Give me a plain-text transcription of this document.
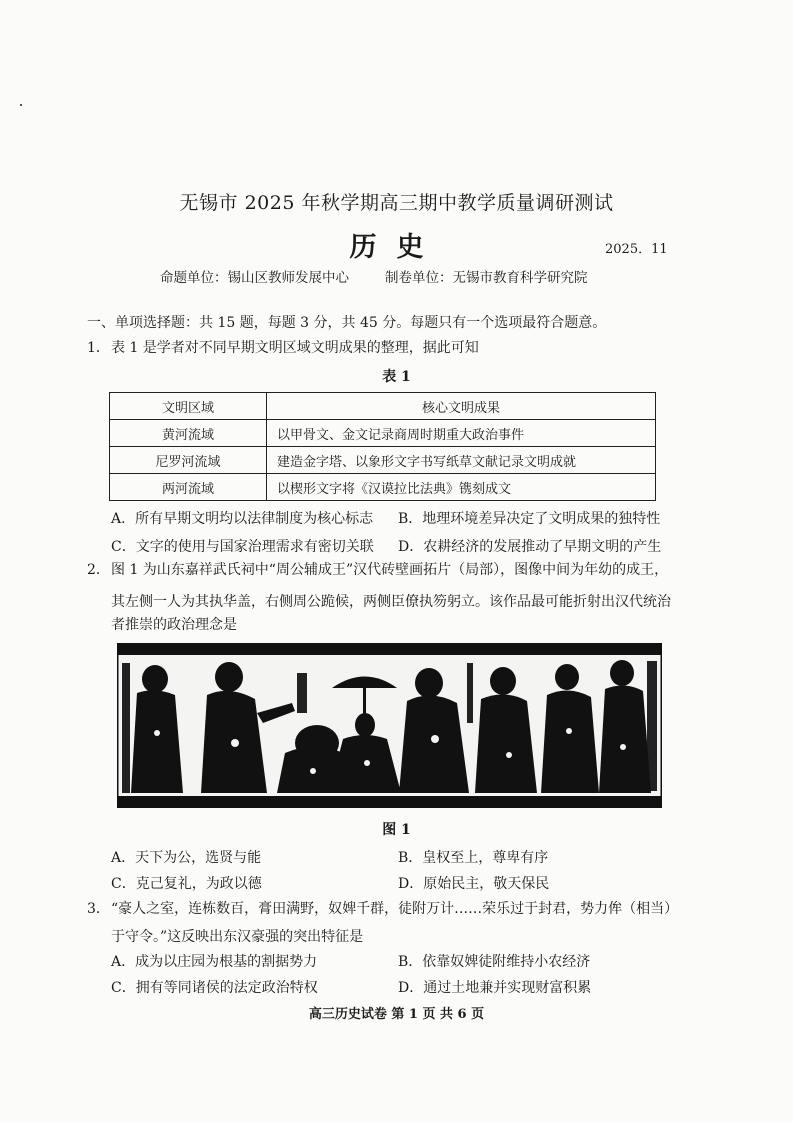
无锡市 2025 年秋学期高三期中教学质量调研测试
历史	2025．11
命题单位：锡山区教师发展中心	制卷单位：无锡市教育科学研究院
一、单项选择题：共 15 题，每题 3 分，共 45 分。每题只有一个选项最符合题意。
1．表 1 是学者对不同早期文明区域文明成果的整理，据此可知
表 1
文明区域	核心文明成果
黄河流域	以甲骨文、金文记录商周时期重大政治事件
尼罗河流域	建造金字塔、以象形文字书写纸草文献记录文明成就
两河流域	以楔形文字将《汉谟拉比法典》镌刻成文
A．所有早期文明均以法律制度为核心标志 B．地理环境差异决定了文明成果的独特性
C．文字的使用与国家治理需求有密切关联 D．农耕经济的发展推动了早期文明的产生
2．图 1 为山东嘉祥武氏祠中“周公辅成王”汉代砖壁画拓片（局部），图像中间为年幼的成王，
其左侧一人为其执华盖，右侧周公跪候，两侧臣僚执笏躬立。该作品最可能折射出汉代统治
者推崇的政治理念是
图 1
A．天下为公，选贤与能	B．皇权至上，尊卑有序
C．克己复礼，为政以德	D．原始民主，敬天保民
3．“豪人之室，连栋数百，膏田满野，奴婢千群，徒附万计……荣乐过于封君，势力侔（相当）
于守令。”这反映出东汉豪强的突出特征是
A．成为以庄园为根基的割据势力	B．依靠奴婢徒附维持小农经济
C．拥有等同诸侯的法定政治特权	D．通过土地兼并实现财富积累
高三历史试卷 第 1 页 共 6 页
